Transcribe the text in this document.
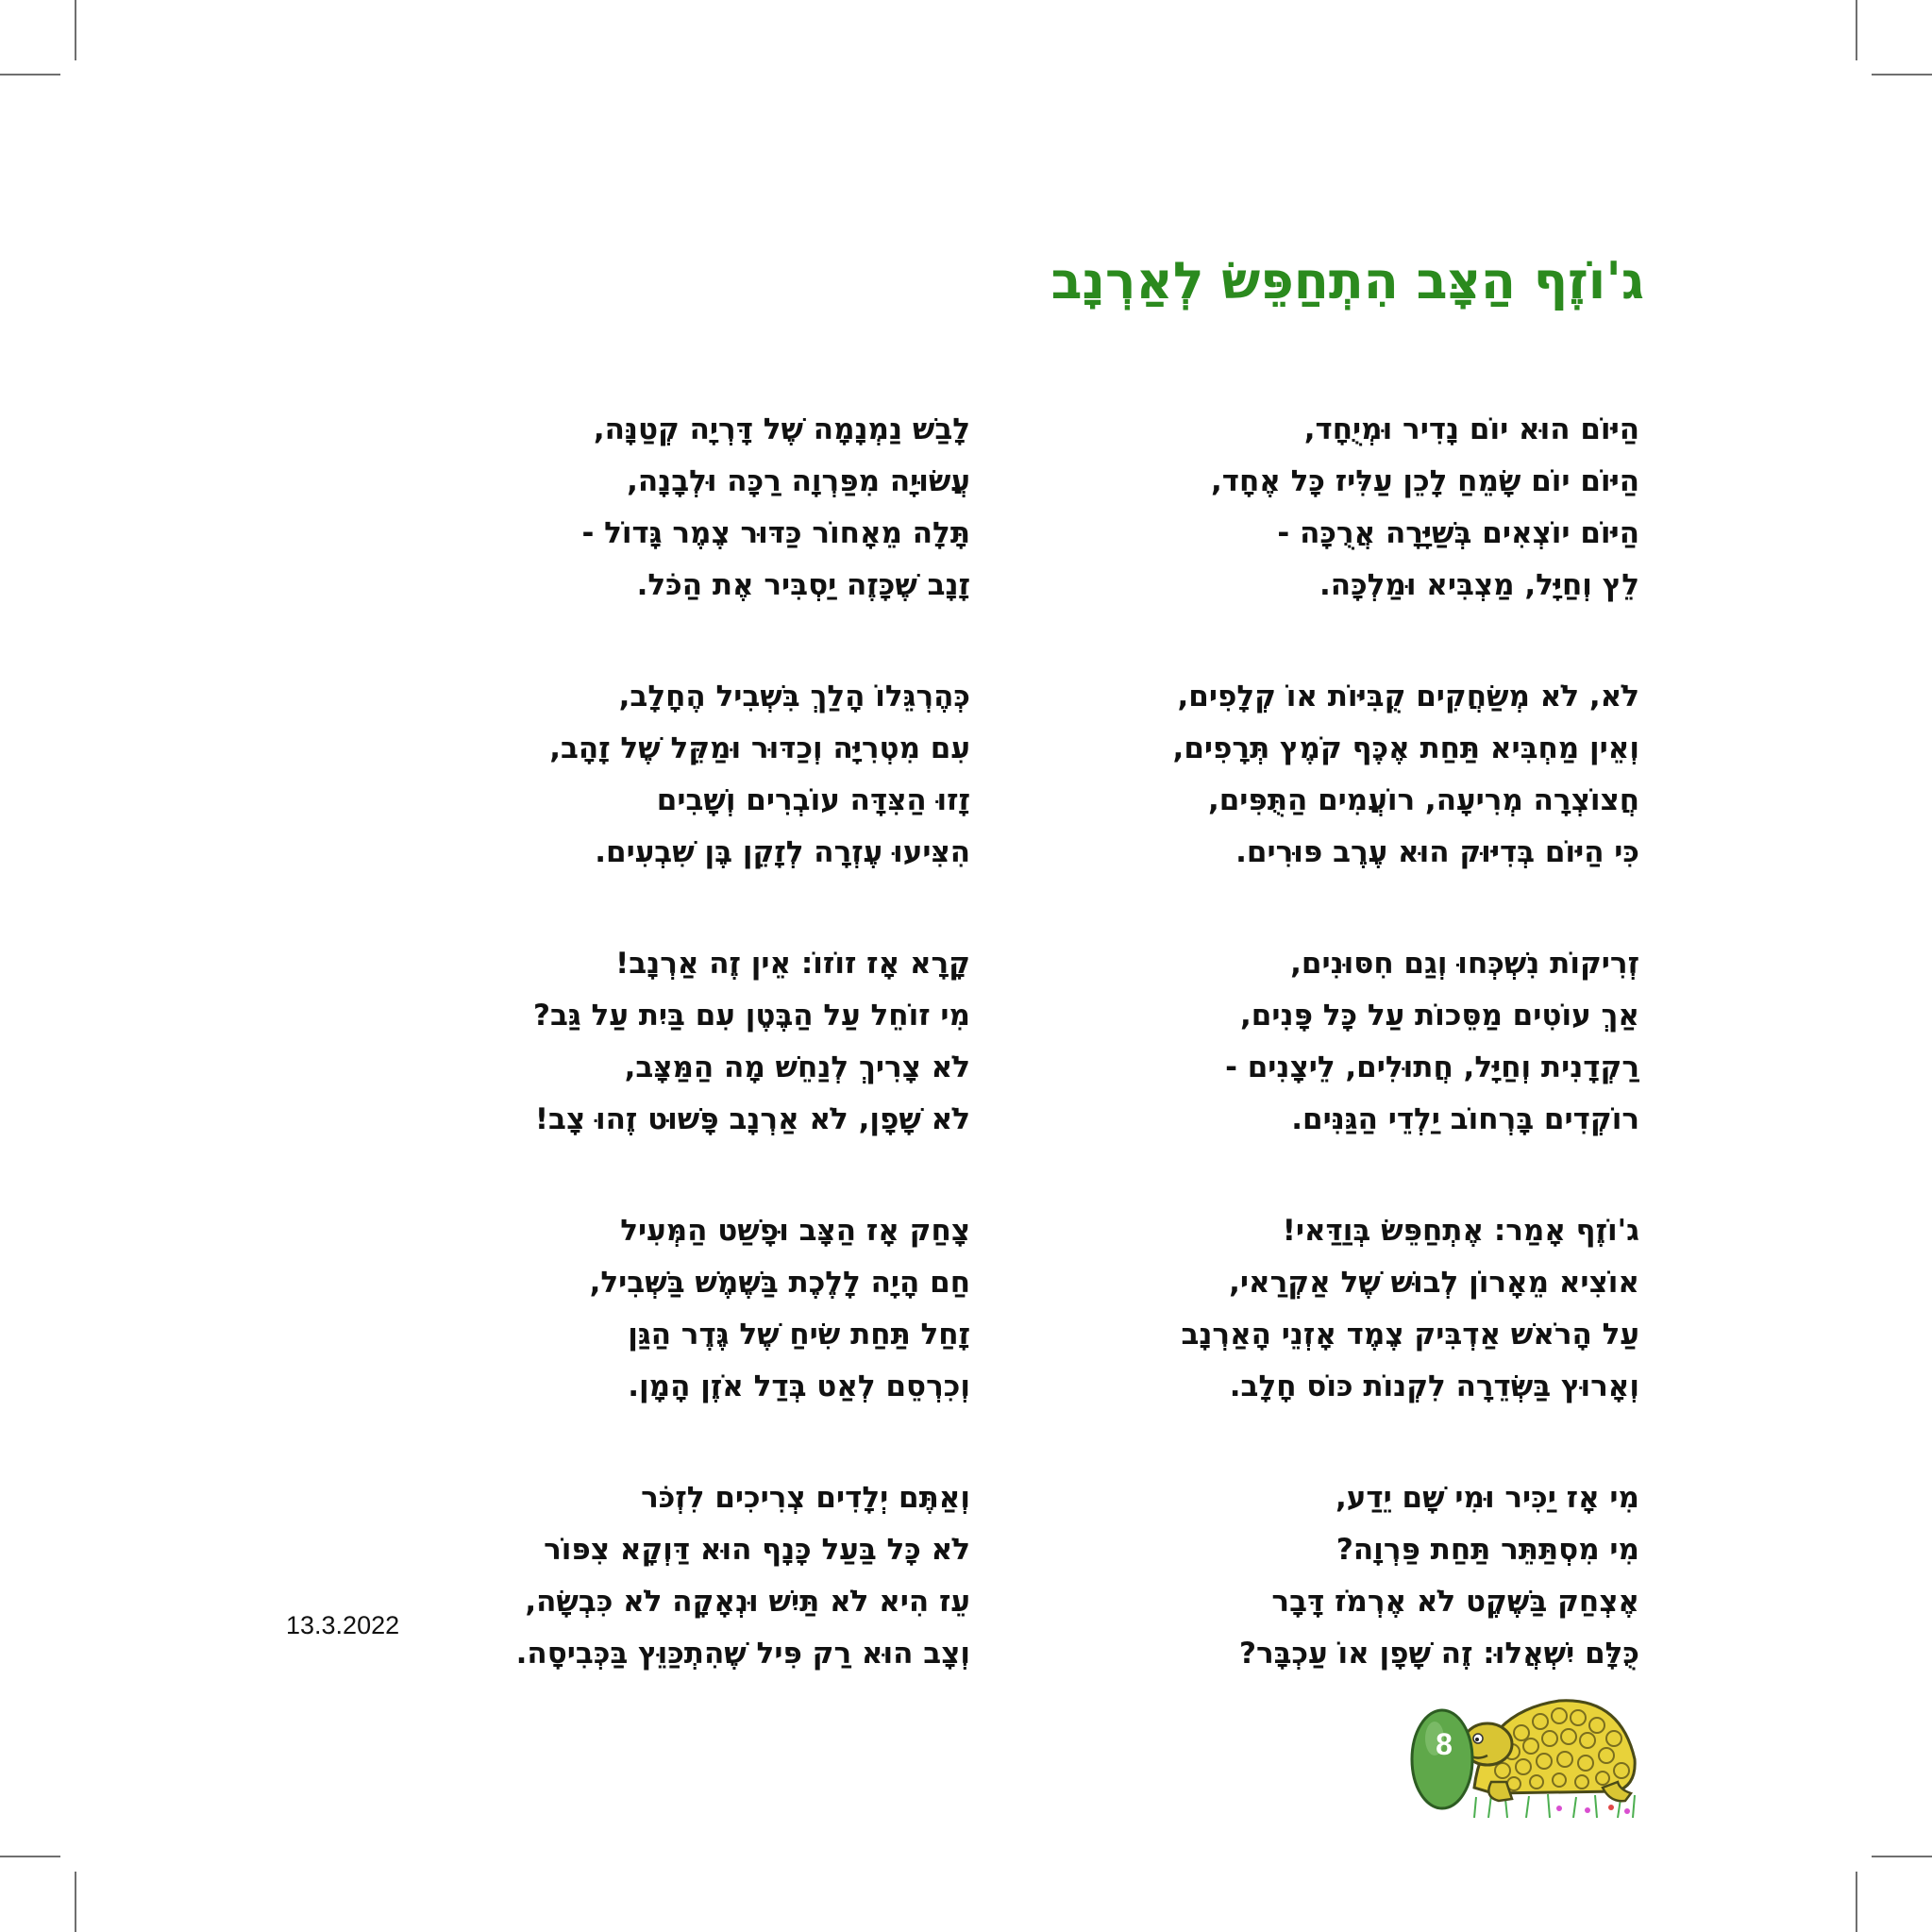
ג'וֹזֶף הַצָּב הִתְחַפֵּשׂ לְאַרְנָב
הַיּוֹם הוּא יוֹם נָדִיר וּמְיֻחָד,
הַיּוֹם יוֹם שָׂמֵחַ לָכֵן עַלִּיז כָּל אֶחָד,
הַיּוֹם יוֹצְאִים בְּשַׁיָּרָה אֲרֻכָּה -
לֵץ וְחַיָּל, מַצְבִּיא וּמַלְכָּה.
לֹא, לֹא מְשַׂחֲקִים קֻבִּיּוֹת אוֹ קְלָפִים,
וְאֵין מַחְבִּיא תַּחַת אֶכֶּף קֹמֶץ תְּרָפִים,
חֲצוֹצְרָה מְרִיעָה, רוֹעֲמִים הַתֻּפִּים,
כִּי הַיּוֹם בְּדִיּוּק הוּא עֶרֶב פּוּרִים.
זְרִיקוֹת נִשְׁכְּחוּ וְגַם חִסּוּנִים,
אַךְ עוֹטִים מַסֵּכוֹת עַל כָּל פָּנִים,
רַקְדָנִית וְחַיָּל, חֲתוּלִים, לֵיצָנִים -
רוֹקְדִים בָּרְחוֹב יַלְדֵי הַגַּנִּים.
ג'וֹזֶף אָמַר: אֶתְחַפֵּשׂ בְּוַדַּאי!
אוֹצִיא מֵאָרוֹן לְבוּשׁ שֶׁל אַקְרַאי,
עַל הָרֹאשׁ אַדְבִּיק צֶמֶד אָזְנֵי הָאַרְנָב
וְאָרוּץ בַּשְּׂדֵרָה לִקְנוֹת כּוֹס חָלָב.
מִי אָז יַכִּיר וּמִי שָׁם יֵדַע,
מִי מִסְתַּתֵּר תַּחַת פַּרְוָה?
אֶצְחַק בַּשֶּׁקֶט לֹא אֶרְמֹז דָּבָר
כֻּלָּם יִשְׁאֲלוּ: זֶה שָׁפָן אוֹ עַכְבָּר?
לָבַשׁ נַמְנָמָה שֶׁל דָּרְיָה קְטַנָּה,
עֲשׂוּיָה מִפַּרְוָה רַכָּה וּלְבָנָה,
תָּלָה מֵאָחוֹר כַּדּוּר צֶמֶר גָּדוֹל -
זָנָב שֶׁכָּזֶה יַסְבִּיר אֶת הַכֹּל.
כְּהֶרְגֵּלוֹ הָלַךְ בִּשְׁבִיל הֶחָלָב,
עִם מִטְרִיָּה וְכַדּוּר וּמַקֵּל שֶׁל זָהָב,
זָזוּ הַצִּדָּה עוֹבְרִים וְשָׁבִים
הִצִּיעוּ עֶזְרָה לְזָקֵן בֶּן שִׁבְעִים.
קָרָא אָז זוֹזוֹ: אֵין זֶה אַרְנָב!
מִי זוֹחֵל עַל הַבֶּטֶן עִם בַּיִת עַל גַּב?
לֹא צָרִיךְ לְנַחֵשׁ מָה הַמַּצָּב,
לֹא שָׁפָן, לֹא אַרְנָב פָּשׁוּט זֶהוּ צָב!
צָחַק אָז הַצָּב וּפָשַׁט הַמְּעִיל
חַם הָיָה לָלֶכֶת בַּשֶּׁמֶשׁ בַּשְּׁבִיל,
זָחַל תַּחַת שִׂיחַ שֶׁל גֶּדֶר הַגַּן
וְכִרְסֵם לְאַט בְּדַל אֹזֶן הָמָן.
וְאַתֶּם יְלָדִים צְרִיכִים לִזְכֹּר
לֹא כָּל בַּעַל כָּנָף הוּא דַּוְקָא צִפּוֹר
עֵז הִיא לֹא תַּיִשׁ וּנְאָקָה לֹא כִּבְשָׂה,
וְצָב הוּא רַק פִּיל שֶׁהִתְכַּוֵּץ בַּכְּבִיסָה.
13.3.2022
8
